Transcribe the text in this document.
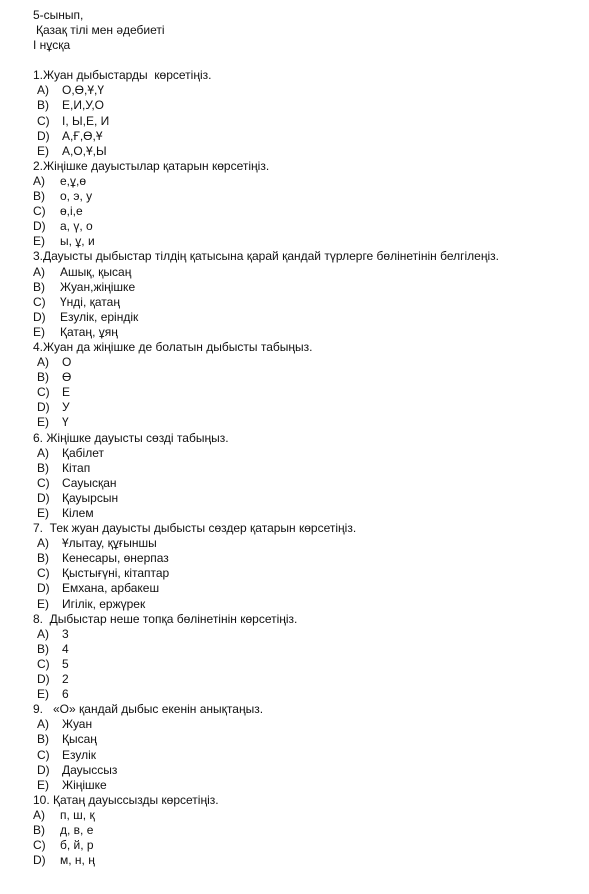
5-сынып,
Қазақ тілі мен әдебиеті
І нұсқа
1.Жуан дыбыстарды  көрсетіңіз.
A)	О,Ө,Ұ,Ү
B)	Е,И,У,О
C)	І, Ы,Е, И
D)	А,Ғ,Ө,Ұ
E)	А,О,Ұ,Ы
2.Жіңішке дауыстылар қатарын көрсетіңіз.
A)	е,ұ,ө
B)	о, э, у
C)	ө,і,е
D)	а, ү, о
E)	ы, ұ, и
3.Дауысты дыбыстар тілдің қатысына қарай қандай түрлерге бөлінетінін белгілеңіз.
A)	Ашық, қысаң
B)	Жуан,жіңішке
C)	Үнді, қатаң
D)	Езулік, еріндік
E)	Қатаң, ұяң
4.Жуан да жіңішке де болатын дыбысты табыңыз.
A)	О
B)	Ө
C)	Е
D)	У
E)	Ү
6. Жіңішке дауысты сөзді табыңыз.
A)	Қабілет
B)	Кітап
C)	Сауысқан
D)	Қауырсын
E)	Кілем
7.  Тек жуан дауысты дыбысты сөздер қатарын көрсетіңіз.
A)	Ұлытау, құғыншы
B)	Кенесары, өнерпаз
C)	Қыстығүні, кітаптар
D)	Емхана, арбакеш
E)	Игілік, ержүрек
8.  Дыбыстар неше топқа бөлінетінін көрсетіңіз.
A)	3
B)	4
C)	5
D)	2
E)	6
9.   «О» қандай дыбыс екенін анықтаңыз.
A)	Жуан
B)	Қысаң
C)	Езулік
D)	Дауыссыз
E)	Жіңішке
10. Қатаң дауыссызды көрсетіңіз.
A)	п, ш, қ
B)	д, в, е
C)	б, й, р
D)	м, н, ң
